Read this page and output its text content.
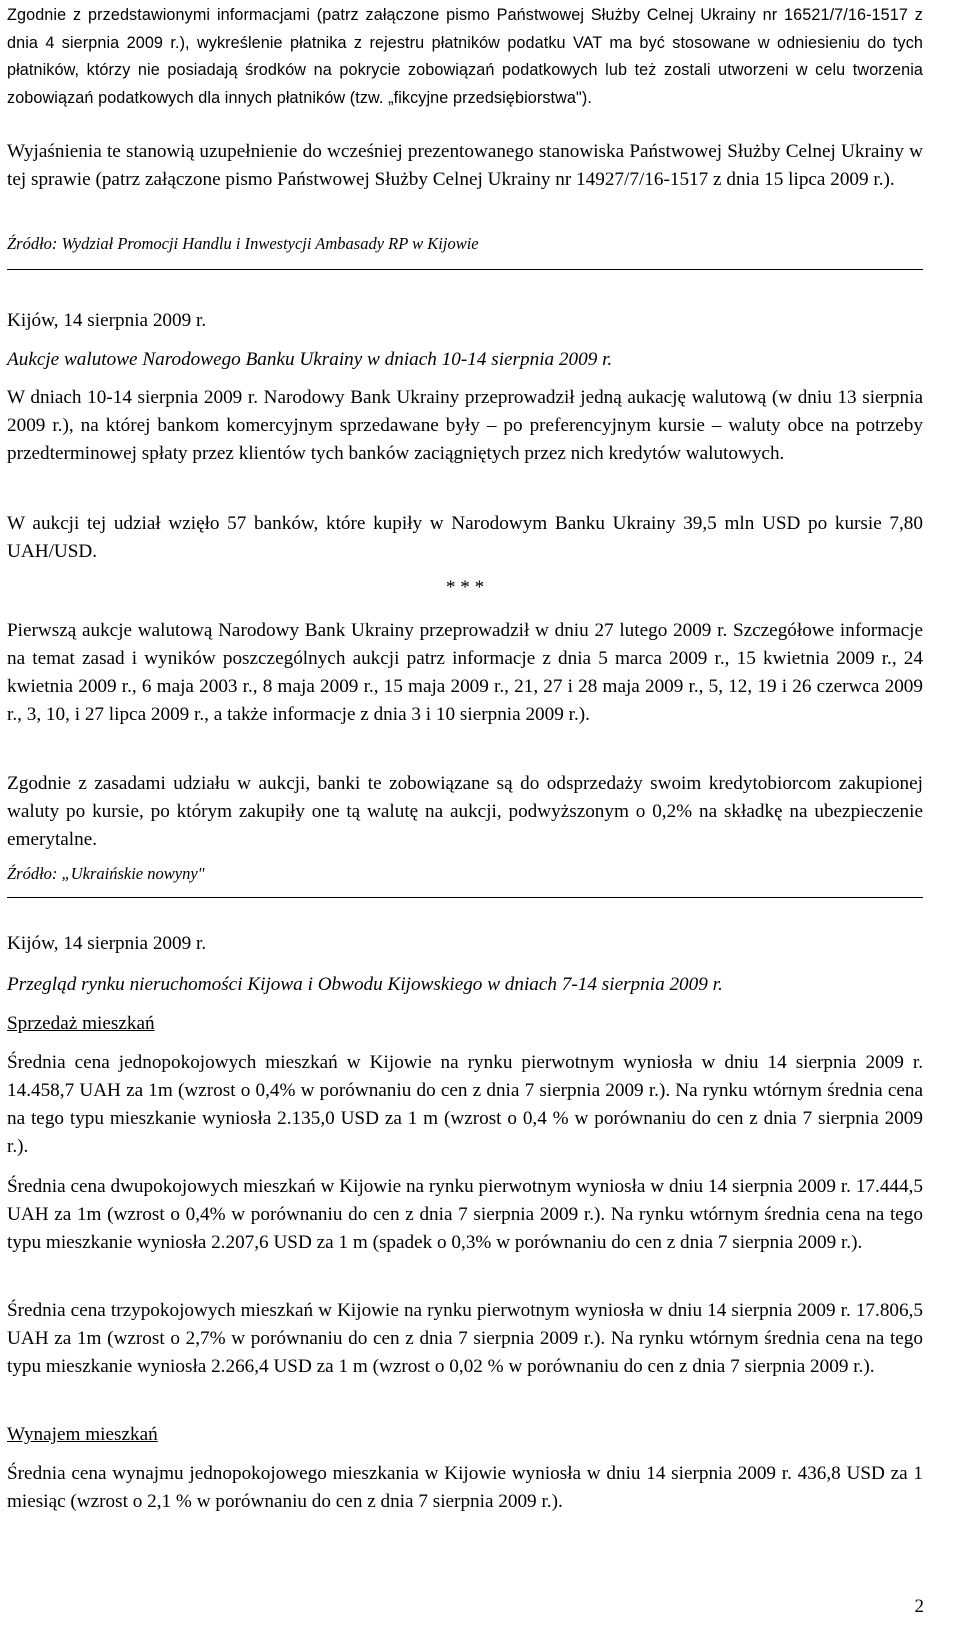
Zgodnie z przedstawionymi informacjami (patrz załączone pismo Państwowej Służby Celnej Ukrainy nr 16521/7/16-1517 z dnia 4 sierpnia 2009 r.), wykreślenie płatnika z rejestru płatników podatku VAT ma być stosowane w odniesieniu do tych płatników, którzy nie posiadają środków na pokrycie zobowiązań podatkowych lub też zostali utworzeni w celu tworzenia zobowiązań podatkowych dla innych płatników (tzw. „fikcyjne przedsiębiorstwa").

Wyjaśnienia te stanowią uzupełnienie do wcześniej prezentowanego stanowiska Państwowej Służby Celnej Ukrainy w tej sprawie (patrz załączone pismo Państwowej Służby Celnej Ukrainy nr 14927/7/16-1517 z dnia 15 lipca 2009 r.).

Źródło: Wydział Promocji Handlu i Inwestycji Ambasady RP w Kijowie

Kijów, 14 sierpnia 2009 r.

Aukcje walutowe Narodowego Banku Ukrainy w dniach 10-14 sierpnia 2009 r.

W dniach 10-14 sierpnia 2009 r. Narodowy Bank Ukrainy przeprowadził jedną aukację walutową (w dniu 13 sierpnia 2009 r.), na której bankom komercyjnym sprzedawane były – po preferencyjnym kursie – waluty obce na potrzeby przedterminowej spłaty przez klientów tych banków zaciągniętych przez nich kredytów walutowych.

W aukcji tej udział wzięło 57 banków, które kupiły w Narodowym Banku Ukrainy 39,5 mln USD po kursie 7,80 UAH/USD.

* * *

Pierwszą aukcje walutową Narodowy Bank Ukrainy przeprowadził w dniu 27 lutego 2009 r. Szczegółowe informacje na temat zasad i wyników poszczególnych aukcji patrz informacje z dnia 5 marca 2009 r., 15 kwietnia 2009 r., 24 kwietnia 2009 r., 6 maja 2003 r., 8 maja 2009 r., 15 maja 2009 r., 21, 27 i 28 maja 2009 r., 5, 12, 19 i 26 czerwca 2009 r., 3, 10, i 27 lipca 2009 r., a także informacje z dnia 3 i 10 sierpnia 2009 r.).

Zgodnie z zasadami udziału w aukcji, banki te zobowiązane są do odsprzedaży swoim kredytobiorcom zakupionej waluty po kursie, po którym zakupiły one tą walutę na aukcji, podwyższonym o 0,2% na składkę na ubezpieczenie emerytalne.

Źródło: „Ukraińskie nowyny"

Kijów, 14 sierpnia 2009 r.

Przegląd rynku nieruchomości Kijowa i Obwodu Kijowskiego w dniach 7-14 sierpnia 2009 r.

Sprzedaż mieszkań

Średnia cena jednopokojowych mieszkań w Kijowie na rynku pierwotnym wyniosła w dniu 14 sierpnia 2009 r. 14.458,7 UAH za 1m (wzrost o 0,4% w porównaniu do cen z dnia 7 sierpnia 2009 r.). Na rynku wtórnym średnia cena na tego typu mieszkanie wyniosła 2.135,0 USD za 1 m (wzrost o 0,4 % w porównaniu do cen z dnia 7 sierpnia 2009 r.).

Średnia cena dwupokojowych mieszkań w Kijowie na rynku pierwotnym wyniosła w dniu 14 sierpnia 2009 r. 17.444,5 UAH za 1m (wzrost o 0,4% w porównaniu do cen z dnia 7 sierpnia 2009 r.). Na rynku wtórnym średnia cena na tego typu mieszkanie wyniosła 2.207,6 USD za 1 m (spadek o 0,3% w porównaniu do cen z dnia 7 sierpnia 2009 r.).

Średnia cena trzypokojowych mieszkań w Kijowie na rynku pierwotnym wyniosła w dniu 14 sierpnia 2009 r. 17.806,5 UAH za 1m (wzrost o 2,7% w porównaniu do cen z dnia 7 sierpnia 2009 r.). Na rynku wtórnym średnia cena na tego typu mieszkanie wyniosła 2.266,4 USD za 1 m (wzrost o 0,02 % w porównaniu do cen z dnia 7 sierpnia 2009 r.).

Wynajem mieszkań

Średnia cena wynajmu jednopokojowego mieszkania w Kijowie wyniosła w dniu 14 sierpnia 2009 r. 436,8 USD za 1 miesiąc (wzrost o 2,1 % w porównaniu do cen z dnia 7 sierpnia 2009 r.).

2
